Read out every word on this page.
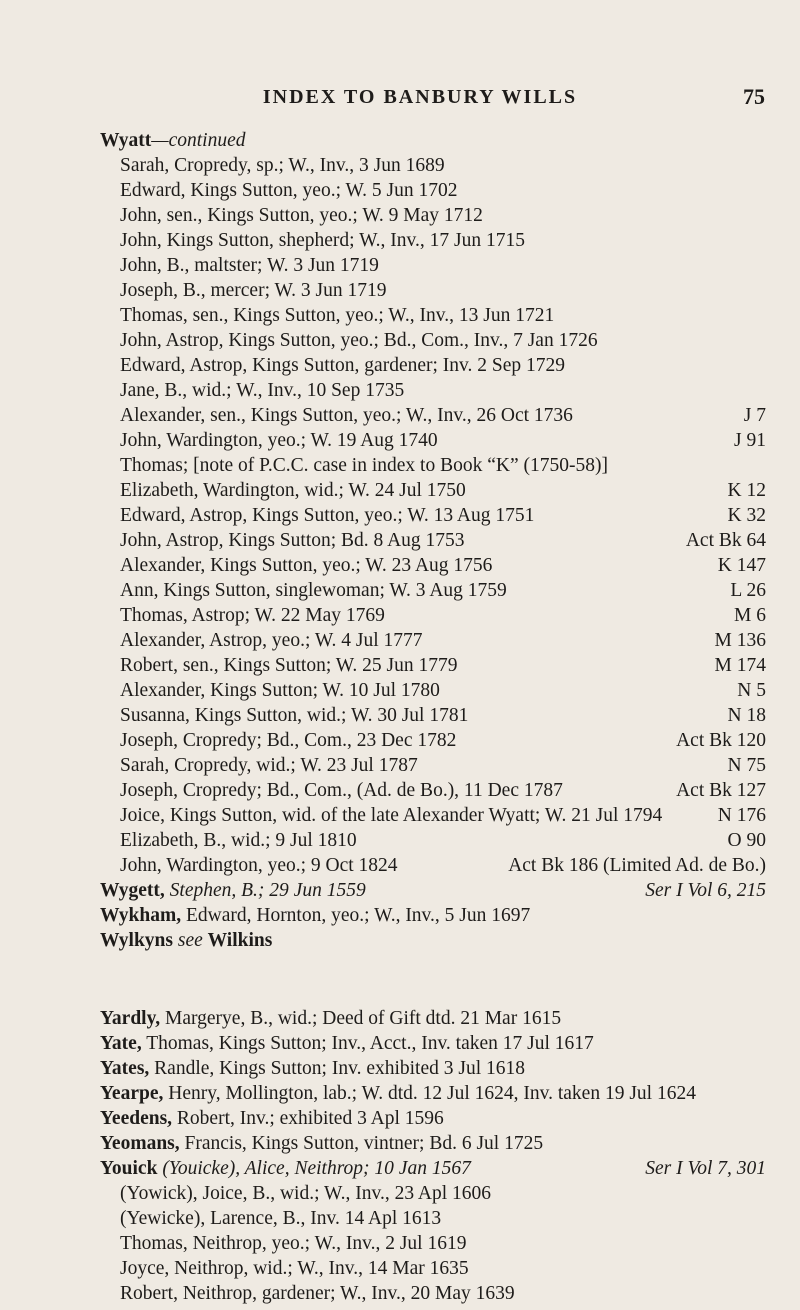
INDEX TO BANBURY WILLS	75
Wyatt—continued
Sarah, Cropredy, sp.; W., Inv., 3 Jun 1689
Edward, Kings Sutton, yeo.; W. 5 Jun 1702
John, sen., Kings Sutton, yeo.; W. 9 May 1712
John, Kings Sutton, shepherd; W., Inv., 17 Jun 1715
John, B., maltster; W. 3 Jun 1719
Joseph, B., mercer; W. 3 Jun 1719
Thomas, sen., Kings Sutton, yeo.; W., Inv., 13 Jun 1721
John, Astrop, Kings Sutton, yeo.; Bd., Com., Inv., 7 Jan 1726
Edward, Astrop, Kings Sutton, gardener; Inv. 2 Sep 1729
Jane, B., wid.; W., Inv., 10 Sep 1735
Alexander, sen., Kings Sutton, yeo.; W., Inv., 26 Oct 1736	J 7
John, Wardington, yeo.; W. 19 Aug 1740	J 91
Thomas; [note of P.C.C. case in index to Book “K” (1750-58)]
Elizabeth, Wardington, wid.; W. 24 Jul 1750	K 12
Edward, Astrop, Kings Sutton, yeo.; W. 13 Aug 1751	K 32
John, Astrop, Kings Sutton; Bd. 8 Aug 1753	Act Bk 64
Alexander, Kings Sutton, yeo.; W. 23 Aug 1756	K 147
Ann, Kings Sutton, singlewoman; W. 3 Aug 1759	L 26
Thomas, Astrop; W. 22 May 1769	M 6
Alexander, Astrop, yeo.; W. 4 Jul 1777	M 136
Robert, sen., Kings Sutton; W. 25 Jun 1779	M 174
Alexander, Kings Sutton; W. 10 Jul 1780	N 5
Susanna, Kings Sutton, wid.; W. 30 Jul 1781	N 18
Joseph, Cropredy; Bd., Com., 23 Dec 1782	Act Bk 120
Sarah, Cropredy, wid.; W. 23 Jul 1787	N 75
Joseph, Cropredy; Bd., Com., (Ad. de Bo.), 11 Dec 1787	Act Bk 127
Joice, Kings Sutton, wid. of the late Alexander Wyatt; W. 21 Jul 1794	N 176
Elizabeth, B., wid.; 9 Jul 1810	O 90
John, Wardington, yeo.; 9 Oct 1824	Act Bk 186 (Limited Ad. de Bo.)
Wygett, Stephen, B.; 29 Jun 1559	Ser I Vol 6, 215
Wykham, Edward, Hornton, yeo.; W., Inv., 5 Jun 1697
Wylkyns see Wilkins
Yardly, Margerye, B., wid.; Deed of Gift dtd. 21 Mar 1615
Yate, Thomas, Kings Sutton; Inv., Acct., Inv. taken 17 Jul 1617
Yates, Randle, Kings Sutton; Inv. exhibited 3 Jul 1618
Yearpe, Henry, Mollington, lab.; W. dtd. 12 Jul 1624, Inv. taken 19 Jul 1624
Yeedens, Robert, Inv.; exhibited 3 Apl 1596
Yeomans, Francis, Kings Sutton, vintner; Bd. 6 Jul 1725
Youick (Youicke), Alice, Neithrop; 10 Jan 1567	Ser I Vol 7, 301
(Yowick), Joice, B., wid.; W., Inv., 23 Apl 1606
(Yewicke), Larence, B., Inv. 14 Apl 1613
Thomas, Neithrop, yeo.; W., Inv., 2 Jul 1619
Joyce, Neithrop, wid.; W., Inv., 14 Mar 1635
Robert, Neithrop, gardener; W., Inv., 20 May 1639
